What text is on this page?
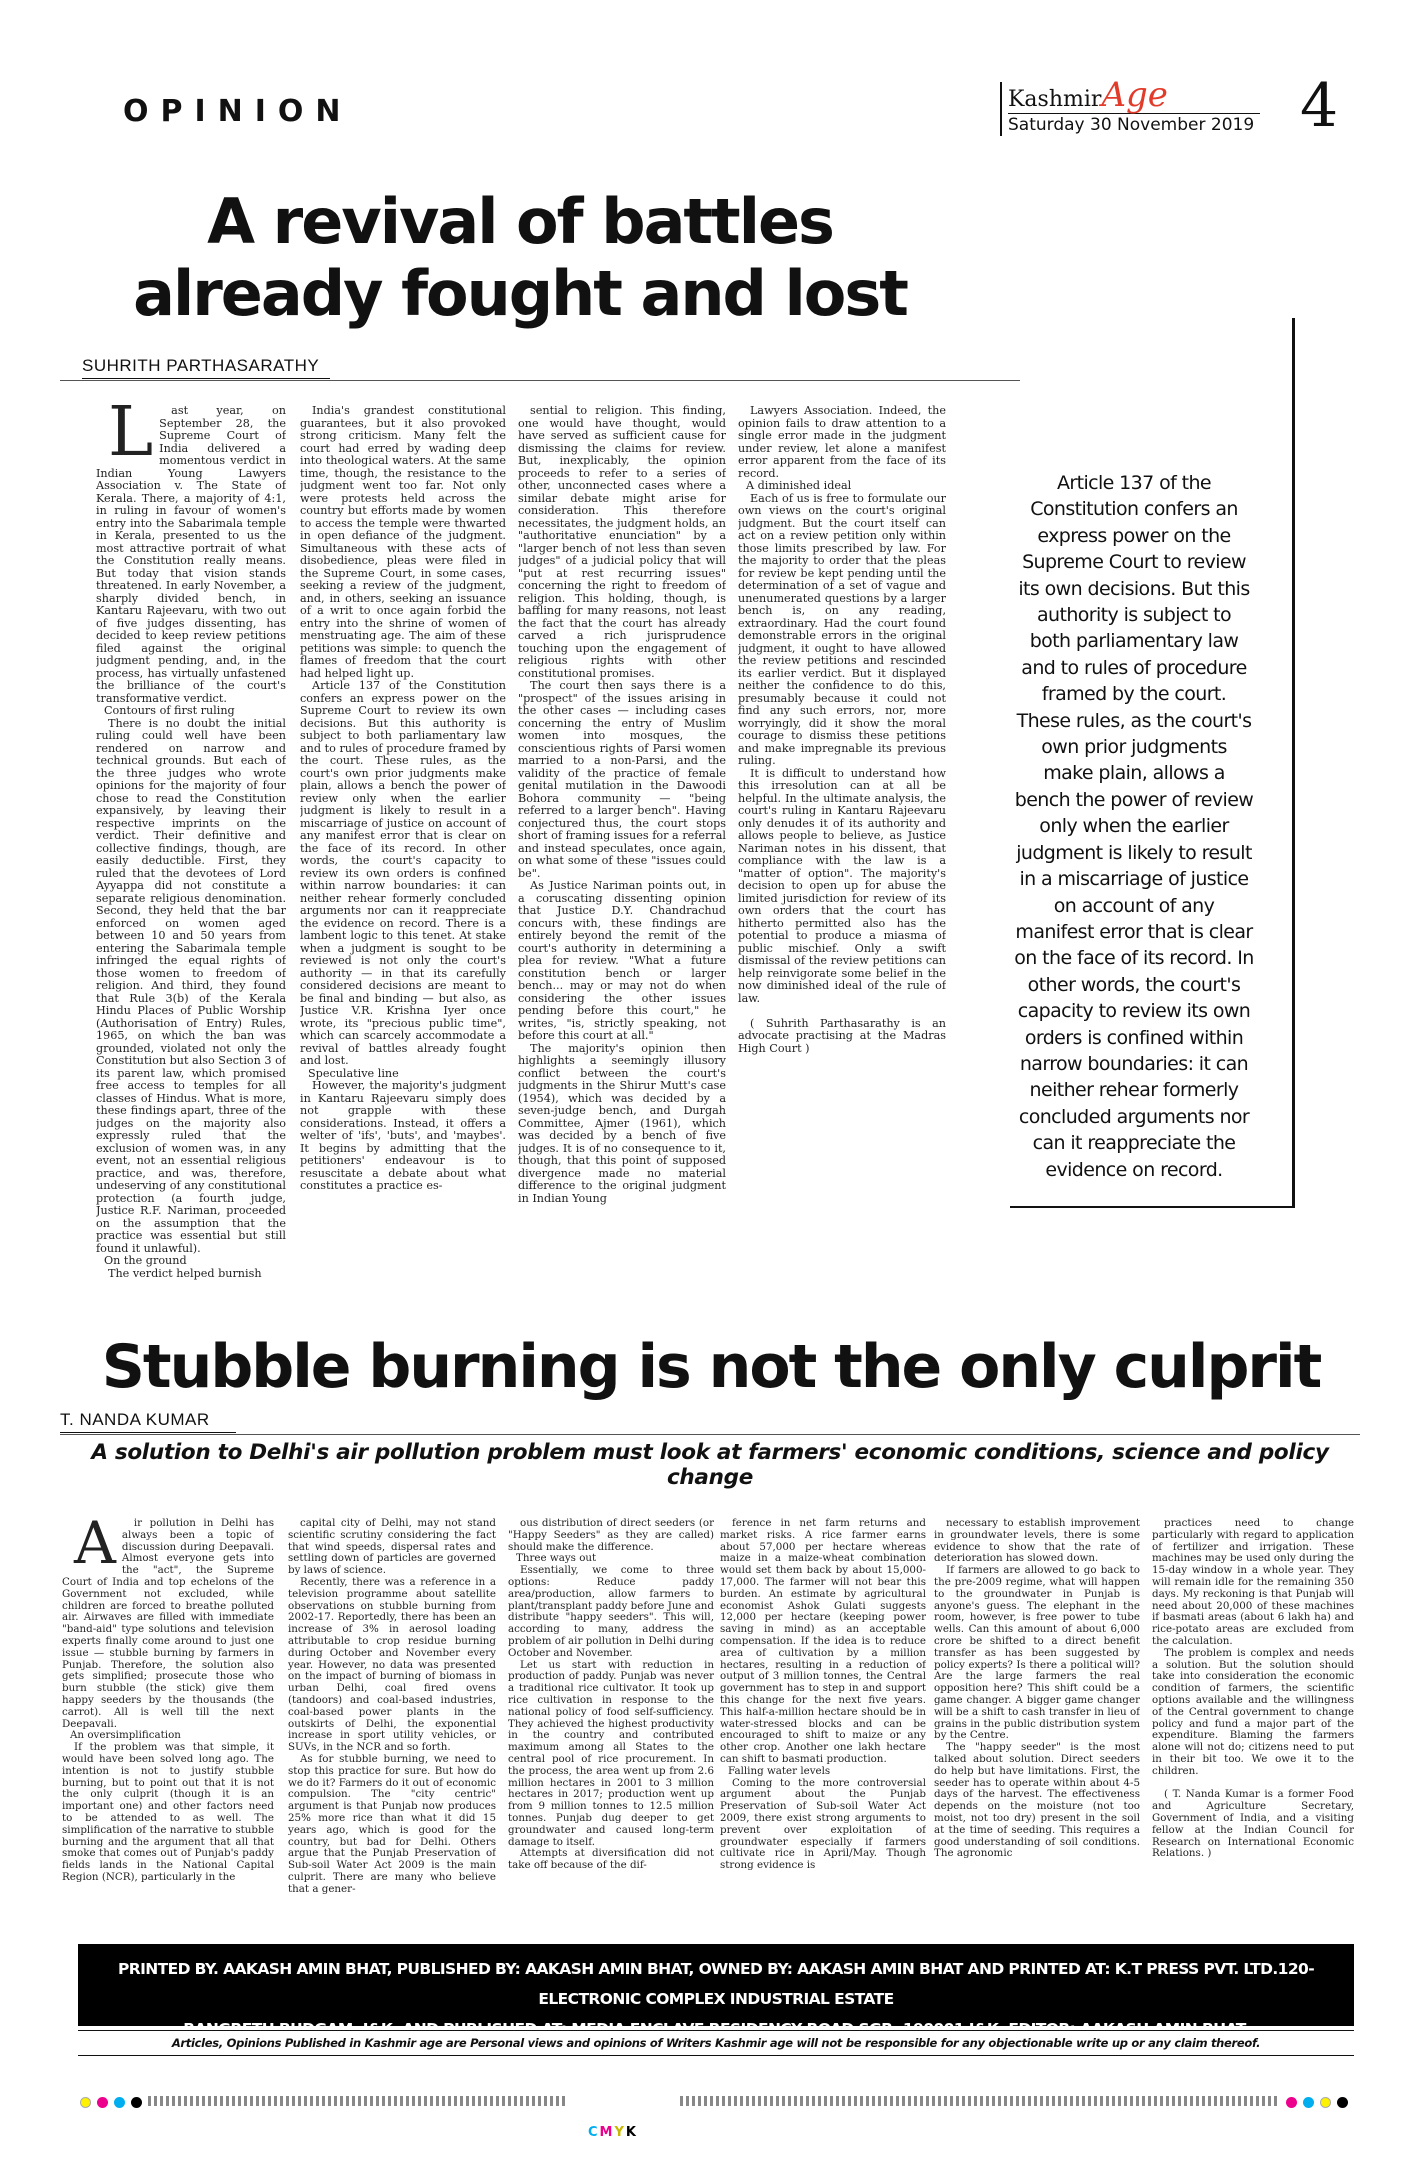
OPINION	KashmirAge
Saturday 30 November 2019 4
A revival of battles
already fought and lost
SUHRITH PARTHASARATHY

L ast year, on September 28, the Supreme Court of India delivered a momentous verdict in Indian Young Lawyers Association v. The State of Kerala. There, a majority of 4:1, in ruling in favour of women's entry into the Sabarimala temple in Kerala, presented to us the most attractive portrait of what the Constitution really means. But today that vision stands threatened. In early November, a sharply divided bench, in Kantaru Rajeevaru, with two out of five judges dissenting, has decided to keep review petitions filed against the original judgment pending, and, in the process, has virtually unfastened the brilliance of the court's transformative verdict.

Contours of first ruling

There is no doubt the initial ruling could well have been rendered on narrow and technical grounds. But each of the three judges who wrote opinions for the majority of four chose to read the Constitution expansively, by leaving their respective imprints on the verdict. Their definitive and collective findings, though, are easily deductible. First, they ruled that the devotees of Lord Ayyappa did not constitute a separate religious denomination. Second, they held that the bar enforced on women aged between 10 and 50 years from entering the Sabarimala temple infringed the equal rights of those women to freedom of religion. And third, they found that Rule 3(b) of the Kerala Hindu Places of Public Worship (Authorisation of Entry) Rules, 1965, on which the ban was grounded, violated not only the Constitution but also Section 3 of its parent law, which promised free access to temples for all classes of Hindus. What is more, these findings apart, three of the judges on the majority also expressly ruled that the exclusion of women was, in any event, not an essential religious practice, and was, therefore, undeserving of any constitutional protection (a fourth judge, Justice R.F. Nariman, proceeded on the assumption that the practice was essential but still found it unlawful).

On the ground

The verdict helped burnish

India's grandest constitutional guarantees, but it also provoked strong criticism. Many felt the court had erred by wading deep into theological waters. At the same time, though, the resistance to the judgment went too far. Not only were protests held across the country but efforts made by women to access the temple were thwarted in open defiance of the judgment. Simultaneous with these acts of disobedience, pleas were filed in the Supreme Court, in some cases, seeking a review of the judgment, and, in others, seeking an issuance of a writ to once again forbid the entry into the shrine of women of menstruating age. The aim of these petitions was simple: to quench the flames of freedom that the court had helped light up.

Article 137 of the Constitution confers an express power on the Supreme Court to review its own decisions. But this authority is subject to both parliamentary law and to rules of procedure framed by the court. These rules, as the court's own prior judgments make plain, allows a bench the power of review only when the earlier judgment is likely to result in a miscarriage of justice on account of any manifest error that is clear on the face of its record. In other words, the court's capacity to review its own orders is confined within narrow boundaries: it can neither rehear formerly concluded arguments nor can it reappreciate the evidence on record. There is a lambent logic to this tenet. At stake when a judgment is sought to be reviewed is not only the court's authority — in that its carefully considered decisions are meant to be final and binding — but also, as Justice V.R. Krishna Iyer once wrote, its "precious public time", which can scarcely accommodate a revival of battles already fought and lost.

Speculative line

However, the majority's judgment in Kantaru Rajeevaru simply does not grapple with these considerations. Instead, it offers a welter of 'ifs', 'buts', and 'maybes'. It begins by admitting that the petitioners' endeavour is to resuscitate a debate about what constitutes a practice es-

sential to religion. This finding, one would have thought, would have served as sufficient cause for dismissing the claims for review. But, inexplicably, the opinion proceeds to refer to a series of other, unconnected cases where a similar debate might arise for consideration. This therefore necessitates, the judgment holds, an "authoritative enunciation" by a "larger bench of not less than seven judges" of a judicial policy that will "put at rest recurring issues" concerning the right to freedom of religion. This holding, though, is baffling for many reasons, not least the fact that the court has already carved a rich jurisprudence touching upon the engagement of religious rights with other constitutional promises.

The court then says there is a "prospect" of the issues arising in the other cases — including cases concerning the entry of Muslim women into mosques, the conscientious rights of Parsi women married to a non-Parsi, and the validity of the practice of female genital mutilation in the Dawoodi Bohora community — "being referred to a larger bench". Having conjectured thus, the court stops short of framing issues for a referral and instead speculates, once again, on what some of these "issues could be".

As Justice Nariman points out, in a coruscating dissenting opinion that Justice D.Y. Chandrachud concurs with, these findings are entirely beyond the remit of the court's authority in determining a plea for review. "What a future constitution bench or larger bench... may or may not do when considering the other issues pending before this court," he writes, "is, strictly speaking, not before this court at all."

The majority's opinion then highlights a seemingly illusory conflict between the court's judgments in the Shirur Mutt's case (1954), which was decided by a seven-judge bench, and Durgah Committee, Ajmer (1961), which was decided by a bench of five judges. It is of no consequence to it, though, that this point of supposed divergence made no material difference to the original judgment in Indian Young

Lawyers Association. Indeed, the opinion fails to draw attention to a single error made in the judgment under review, let alone a manifest error apparent from the face of its record.

A diminished ideal

Each of us is free to formulate our own views on the court's original judgment. But the court itself can act on a review petition only within those limits prescribed by law. For the majority to order that the pleas for review be kept pending until the determination of a set of vague and unenumerated questions by a larger bench is, on any reading, extraordinary. Had the court found demonstrable errors in the original judgment, it ought to have allowed the review petitions and rescinded its earlier verdict. But it displayed neither the confidence to do this, presumably because it could not find any such errors, nor, more worryingly, did it show the moral courage to dismiss these petitions and make impregnable its previous ruling.

It is difficult to understand how this irresolution can at all be helpful. In the ultimate analysis, the court's ruling in Kantaru Rajeevaru only denudes it of its authority and allows people to believe, as Justice Nariman notes in his dissent, that compliance with the law is a "matter of option". The majority's decision to open up for abuse the limited jurisdiction for review of its own orders that the court has hitherto permitted also has the potential to produce a miasma of public mischief. Only a swift dismissal of the review petitions can help reinvigorate some belief in the now diminished ideal of the rule of law.

( Suhrith Parthasarathy is an advocate practising at the Madras High Court )

Article 137 of the Constitution confers an express power on the Supreme Court to review its own decisions. But this authority is subject to both parliamentary law and to rules of procedure framed by the court. These rules, as the court's own prior judgments make plain, allows a bench the power of review only when the earlier judgment is likely to result in a miscarriage of justice on account of any manifest error that is clear on the face of its record. In other words, the court's capacity to review its own orders is confined within narrow boundaries: it can neither rehear formerly concluded arguments nor can it reappreciate the evidence on record.
Stubble burning is not the only culprit
T. NANDA KUMAR
A solution to Delhi's air pollution problem must look at farmers' economic conditions, science and policy change

A ir pollution in Delhi has always been a topic of discussion during Deepavali. Almost everyone gets into the "act", the Supreme Court of India and top echelons of the Government not excluded, while children are forced to breathe polluted air. Airwaves are filled with immediate "band-aid" type solutions and television experts finally come around to just one issue — stubble burning by farmers in Punjab. Therefore, the solution also gets simplified; prosecute those who burn stubble (the stick) give them happy seeders by the thousands (the carrot). All is well till the next Deepavali.

An oversimplification

If the problem was that simple, it would have been solved long ago. The intention is not to justify stubble burning, but to point out that it is not the only culprit (though it is an important one) and other factors need to be attended to as well. The simplification of the narrative to stubble burning and the argument that all that smoke that comes out of Punjab's paddy fields lands in the National Capital Region (NCR), particularly in the

capital city of Delhi, may not stand scientific scrutiny considering the fact that wind speeds, dispersal rates and settling down of particles are governed by laws of science.

Recently, there was a reference in a television programme about satellite observations on stubble burning from 2002-17. Reportedly, there has been an increase of 3% in aerosol loading attributable to crop residue burning during October and November every year. However, no data was presented on the impact of burning of biomass in urban Delhi, coal fired ovens (tandoors) and coal-based industries, coal-based power plants in the outskirts of Delhi, the exponential increase in sport utility vehicles, or SUVs, in the NCR and so forth.

As for stubble burning, we need to stop this practice for sure. But how do we do it? Farmers do it out of economic compulsion. The "city centric" argument is that Punjab now produces 25% more rice than what it did 15 years ago, which is good for the country, but bad for Delhi. Others argue that the Punjab Preservation of Sub-soil Water Act 2009 is the main culprit. There are many who believe that a gener-

ous distribution of direct seeders (or "Happy Seeders" as they are called) should make the difference.

Three ways out

Essentially, we come to three options: Reduce paddy area/production, allow farmers to plant/transplant paddy before June and distribute "happy seeders". This will, according to many, address the problem of air pollution in Delhi during October and November.

Let us start with reduction in production of paddy. Punjab was never a traditional rice cultivator. It took up rice cultivation in response to the national policy of food self-sufficiency. They achieved the highest productivity in the country and contributed maximum among all States to the central pool of rice procurement. In the process, the area went up from 2.6 million hectares in 2001 to 3 million hectares in 2017; production went up from 9 million tonnes to 12.5 million tonnes. Punjab dug deeper to get groundwater and caused long-term damage to itself.

Attempts at diversification did not take off because of the dif-

ference in net farm returns and market risks. A rice farmer earns about 57,000 per hectare whereas maize in a maize-wheat combination would set them back by about 15,000-17,000. The farmer will not bear this burden. An estimate by agricultural economist Ashok Gulati suggests 12,000 per hectare (keeping power saving in mind) as an acceptable compensation. If the idea is to reduce area of cultivation by a million hectares, resulting in a reduction of output of 3 million tonnes, the Central government has to step in and support this change for the next five years. This half-a-million hectare should be in water-stressed blocks and can be encouraged to shift to maize or any other crop. Another one lakh hectare can shift to basmati production.

Falling water levels

Coming to the more controversial argument about the Punjab Preservation of Sub-soil Water Act 2009, there exist strong arguments to prevent over exploitation of groundwater especially if farmers cultivate rice in April/May. Though strong evidence is

necessary to establish improvement in groundwater levels, there is some evidence to show that the rate of deterioration has slowed down.

If farmers are allowed to go back to the pre-2009 regime, what will happen to the groundwater in Punjab is anyone's guess. The elephant in the room, however, is free power to tube wells. Can this amount of about 6,000 crore be shifted to a direct benefit transfer as has been suggested by policy experts? Is there a political will? Are the large farmers the real opposition here? This shift could be a game changer. A bigger game changer will be a shift to cash transfer in lieu of grains in the public distribution system by the Centre.

The "happy seeder" is the most talked about solution. Direct seeders do help but have limitations. First, the seeder has to operate within about 4-5 days of the harvest. The effectiveness depends on the moisture (not too moist, not too dry) present in the soil at the time of seeding. This requires a good understanding of soil conditions. The agronomic

practices need to change particularly with regard to application of fertilizer and irrigation. These machines may be used only during the 15-day window in a whole year. They will remain idle for the remaining 350 days. My reckoning is that Punjab will need about 20,000 of these machines if basmati areas (about 6 lakh ha) and rice-potato areas are excluded from the calculation.

The problem is complex and needs a solution. But the solution should take into consideration the economic condition of farmers, the scientific options available and the willingness of the Central government to change policy and fund a major part of the expenditure. Blaming the farmers alone will not do; citizens need to put in their bit too. We owe it to the children.

( T. Nanda Kumar is a former Food and Agriculture Secretary, Government of India, and a visiting fellow at the Indian Council for Research on International Economic Relations. )

PRINTED BY. AAKASH AMIN BHAT, PUBLISHED BY: AAKASH AMIN BHAT, OWNED BY: AAKASH AMIN BHAT AND PRINTED AT: K.T PRESS PVT. LTD.120- ELECTRONIC COMPLEX INDUSTRIAL ESTATE
RANGRETH BUDGAM, J&K. AND PUBLISHED AT: MEDIA ENCLAVE RESIDENCY ROAD SGR. 190001 J&K. EDITOR: AAKASH AMIN BHAT, JKENG/2006/23952
Articles, Opinions Published in Kashmir age are Personal views and opinions of Writers Kashmir age will not be responsible for any objectionable write up or any claim thereof.
CMYK
